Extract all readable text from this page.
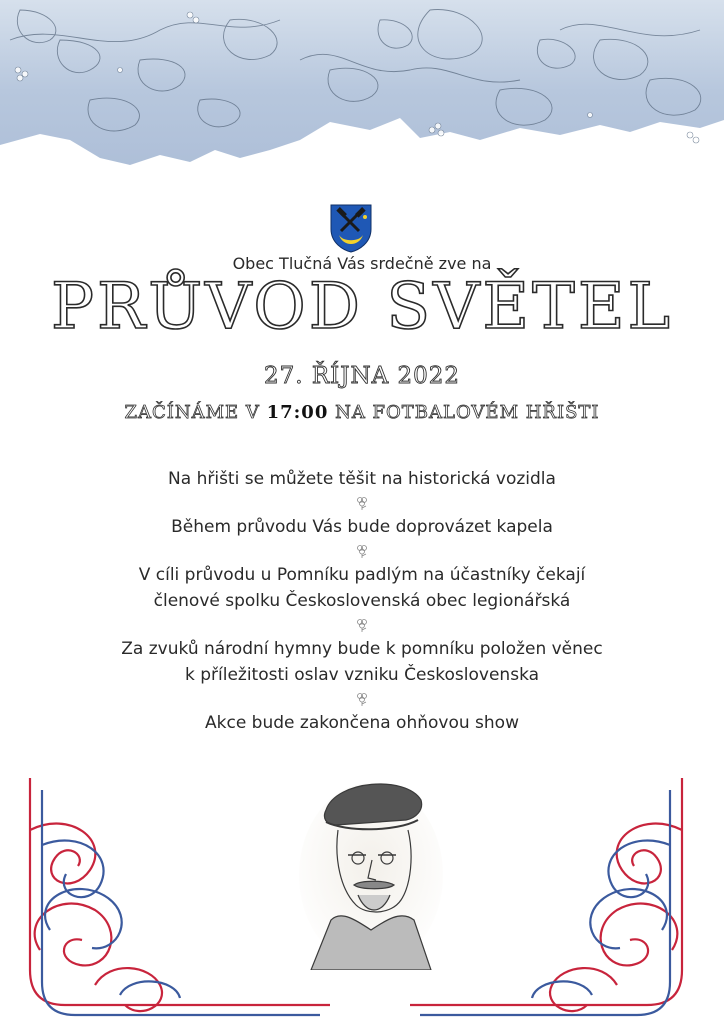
Obec Tlučná Vás srdečně zve na
PRŮVOD SVĚTEL
27. ŘÍJNA 2022
ZAČÍNÁME V 17:00 NA FOTBALOVÉM HŘIŠTI
Na hřišti se můžete těšit na historická vozidla
Během průvodu Vás bude doprovázet kapela
V cíli průvodu u Pomníku padlým na účastníky čekají
členové spolku Československá obec legionářská
Za zvuků národní hymny bude k pomníku položen věnec
k příležitosti oslav vzniku Československa
Akce bude zakončena ohňovou show
